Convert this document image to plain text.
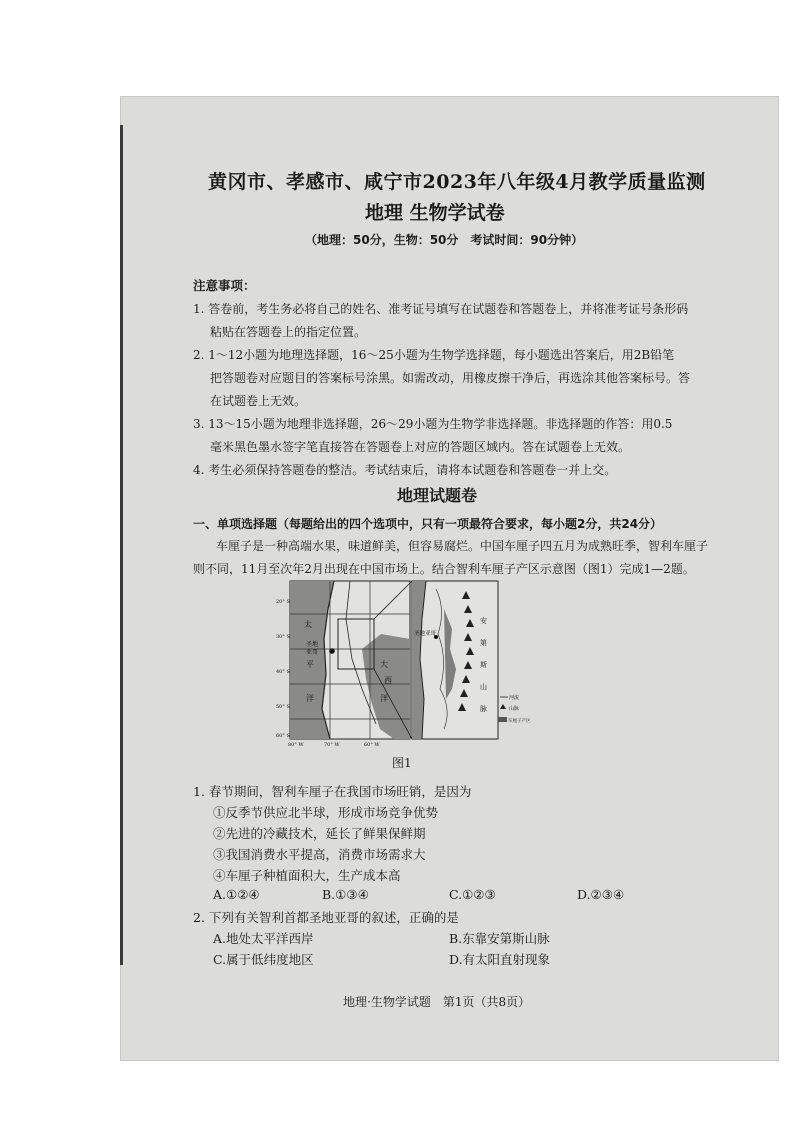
黄冈市、孝感市、咸宁市2023年八年级4月教学质量监测
地理 生物学试卷
（地理：50分，生物：50分　考试时间：90分钟）
注意事项：
1. 答卷前，考生务必将自己的姓名、准考证号填写在试题卷和答题卷上，并将准考证号条形码
粘贴在答题卷上的指定位置。
2. 1～12小题为地理选择题，16～25小题为生物学选择题，每小题选出答案后，用2B铅笔
把答题卷对应题目的答案标号涂黑。如需改动，用橡皮擦干净后，再选涂其他答案标号。答
在试题卷上无效。
3. 13～15小题为地理非选择题，26～29小题为生物学非选择题。非选择题的作答：用0.5
毫米黑色墨水签字笔直接答在答题卷上对应的答题区域内。答在试题卷上无效。
4. 考生必须保持答题卷的整洁。考试结束后，请将本试题卷和答题卷一并上交。
地理试题卷
一、单项选择题（每题给出的四个选项中，只有一项最符合要求，每小题2分，共24分）
车厘子是一种高端水果，味道鲜美，但容易腐烂。中国车厘子四五月为成熟旺季，智利车厘子
则不同，11月至次年2月出现在中国市场上。结合智利车厘子产区示意图（图1）完成1—2题。
太
平
洋
大
西
洋
圣地
亚哥
20° S
30° S
40° S
50° S
60° S
80° W	70° W	60° W
圣地亚哥
安
第
斯
山
脉
河流
山脉
车厘子产区
图1
1. 春节期间，智利车厘子在我国市场旺销，是因为
①反季节供应北半球，形成市场竞争优势
②先进的冷藏技术，延长了鲜果保鲜期
③我国消费水平提高，消费市场需求大
④车厘子种植面积大，生产成本高
A.①②④	B.①③④	C.①②③	D.②③④
2. 下列有关智利首都圣地亚哥的叙述，正确的是
A.地处太平洋西岸	B.东靠安第斯山脉
C.属于低纬度地区	D.有太阳直射现象
地理·生物学试题　第1页（共8页）
